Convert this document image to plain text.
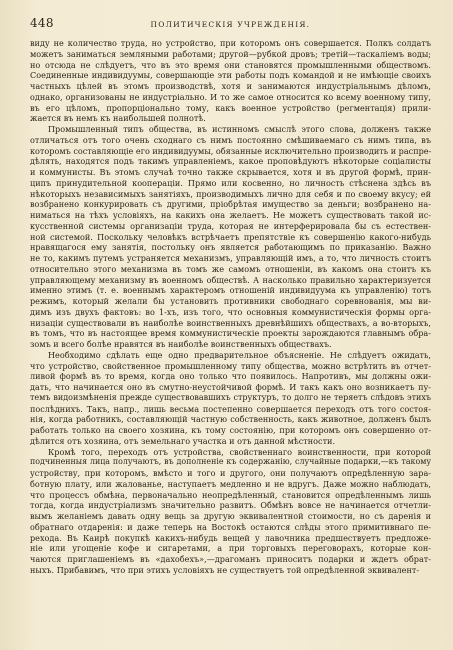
448	ПОЛИТИЧЕСКІЯ УЧРЕЖДЕНІЯ.

виду не количество труда, но устройство, при которомъ онъ совершается. Полкъ солдатъ
можетъ заниматься земляными работами; другой—рубкой дровъ; третій—таскаліемъ воды;
но отсюда не слѣдуетъ, что въ это время они становятся промышленными обществомъ.
Соединенные индивидуумы, совершающіе эти работы подъ командой и не имѣющіе своихъ
частныхъ цѣлей въ этомъ производствѣ, хотя и занимаются индустріальнымъ дѣломъ,
однако, организованы не индустріально. И то же самое относится ко всему военному типу,
въ его цѣломъ, пропорціонально тому, какъ военное устройство (регментація) прили-
жается въ немъ къ наибольшей полнотѣ.

Промышленный типъ общества, въ истинномъ смыслѣ этого слова, долженъ также
отличаться отъ того очень сходнаго съ нимъ постоянно смѣшиваемаго съ нимъ типа, въ
которомъ составляющіе его индивидуумы, обязанные исключительно производить и распре-
дѣлять, находятся подъ такимъ управленіемъ, какое проповѣдуютъ нѣкоторые соціалисты
и коммунисты. Въ этомъ случаѣ точно также скрывается, хотя и въ другой формѣ, прин-
ципъ принудительной кооперацiи. Прямо или косвенно, но личность стѣснена здѣсь въ
нѣкоторыхъ независимыхъ занятіяхъ, производимыхъ лично для себя и по своему вкусу; ей
возбранено конкурировать съ другими, пріобрѣтая имущество за деньги; возбранено на-
ниматься на тѣхъ условіяхъ, на какихъ она желаетъ. Не можетъ существовать такой ис-
кусственной системы организаціи труда, которая не интерферировала бы съ естествен-
ной системой. Поскольку человѣкъ встрѣчаетъ препятствіе къ совершенію какого-нибудь
нравящагося ему занятія, постольку онъ является работающимъ по приказанію. Важно
не то, какимъ путемъ устраняется механизмъ, управляющій имъ, а то, что личность стоитъ
относительно этого механизма въ томъ же самомъ отношеніи, въ какомъ она стоитъ къ
управляющему механизму въ военномъ обществѣ. А насколько правильно характеризуется
именно этимъ (т. е. военнымъ характеромъ отношеній индивидуума къ управленію) тотъ
режимъ, который желали бы установить противники свободнаго соревнованія, мы ви-
димъ изъ двухъ фактовъ: во 1-хъ, изъ того, что основныя коммунистическія формы орга-
низаціи существовали въ наиболѣе воинственныхъ древнѣйшихъ обществахъ, а во-вторыхъ,
въ томъ, что въ настоящее время коммунистическіе проекты зарождаются главнымъ обра-
зомъ и всего болѣе нравятся въ наиболѣе воинственныхъ обществахъ.

Необходимо сдѣлать еще одно предварительное объясненіе. Не слѣдуетъ ожидать,
что устройство, свойственное промышленному типу общества, можно встрѣтить въ отчет-
ливой формѣ въ то время, когда оно только что появилось. Напротивъ, мы должны ожи-
дать, что начинается оно въ смутно-неустойчивой формѣ. И такъ какъ оно возникаетъ пу-
темъ видоизмѣненія прежде существовавшихъ структуръ, то долго не теряетъ слѣдовъ этихъ
послѣднихъ. Такъ, напр., лишь весьма постепенно совершается переходъ отъ того состоя-
нія, когда работникъ, составляющій частную собственность, какъ животное, долженъ былъ
работать только на своего хозяина, къ тому состоянію, при которомъ онъ совершенно от-
дѣлится отъ хозяина, отъ земельнаго участка и отъ данной мѣстности.

Кромѣ того, переходъ отъ устройства, свойственнаго воинственности, при которой
подчиненныя лица получаютъ, въ дополненіе къ содержанію, случайные подарки,—къ такому
устройству, при которомъ, вмѣсто и того и другого, они получаютъ опредѣленную зара-
ботную плату, или жалованье, наступаетъ медленно и не вдругъ. Даже можно наблюдать,
что процессъ обмѣна, первоначально неопредѣленный, становится опредѣленнымъ лишь
тогда, когда индустріализмъ значительно развитъ. Обмѣнъ вовсе не начинается отчетли-
вымъ желаніемъ давать одну вещь за другую эквивалентной стоимости, но съ даренія и
обратнаго отдаренія: и даже теперь на Востокѣ остаются слѣды этого примитивнаго пе-
рехода. Въ Каирѣ покупкѣ какихъ-нибудь вещей у лавочника предшествуетъ предложе-
ніе или угощеніе кофе и сигаретами, а при торговыхъ переговорахъ, которые кон-
чаются приглашеніемъ въ «дахобехъ»,—драгоманъ приноситъ подарки и ждетъ обрат-
ныхъ. Прибавимъ, что при этихъ условіяхъ не существуетъ той опредѣленной эквивалент-
